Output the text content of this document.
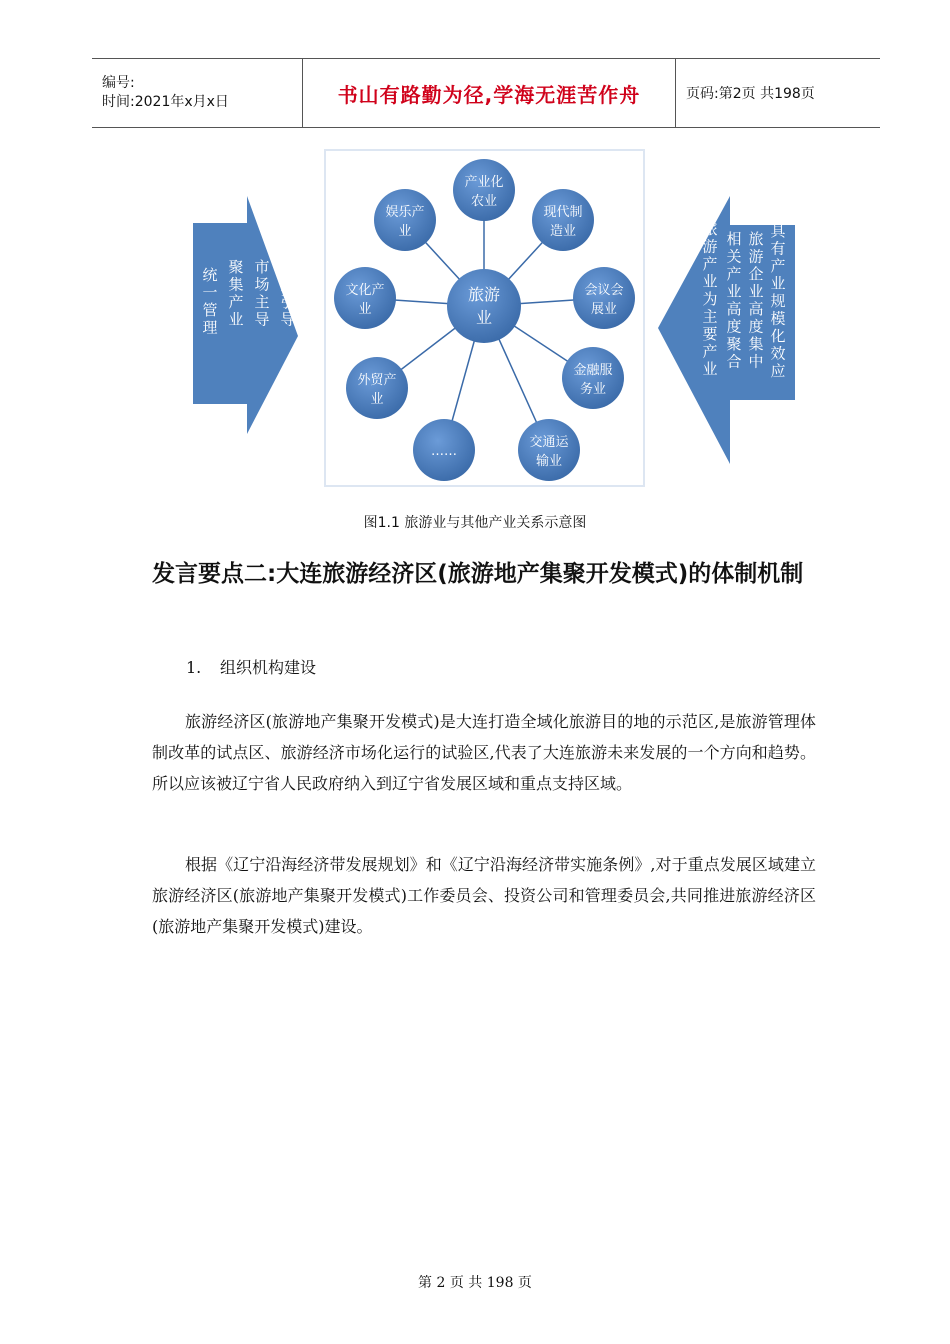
编号:
时间:2021年x月x日	书山有路勤为径,学海无涯苦作舟	页码:第2页 共198页
政府引导
市场主导
聚集产业
统一管理
产业化
农业
现代制
造业
会议会
展业
金融服
务业
交通运
输业
……
外贸产
业
文化产
业
娱乐产
业
旅游
业
具有产业规模化效应
旅游企业高度集中
相关产业高度聚合
旅游产业为主要产业
图1.1 旅游业与其他产业关系示意图
发言要点二:大连旅游经济区(旅游地产集聚开发模式)的体制机制
1. 组织机构建设
旅游经济区(旅游地产集聚开发模式)是大连打造全域化旅游目的地的示范区,是旅游管理体制改革的试点区、旅游经济市场化运行的试验区,代表了大连旅游未来发展的一个方向和趋势。所以应该被辽宁省人民政府纳入到辽宁省发展区域和重点支持区域。
根据《辽宁沿海经济带发展规划》和《辽宁沿海经济带实施条例》,对于重点发展区域建立旅游经济区(旅游地产集聚开发模式)工作委员会、投资公司和管理委员会,共同推进旅游经济区(旅游地产集聚开发模式)建设。
第 2 页 共 198 页
